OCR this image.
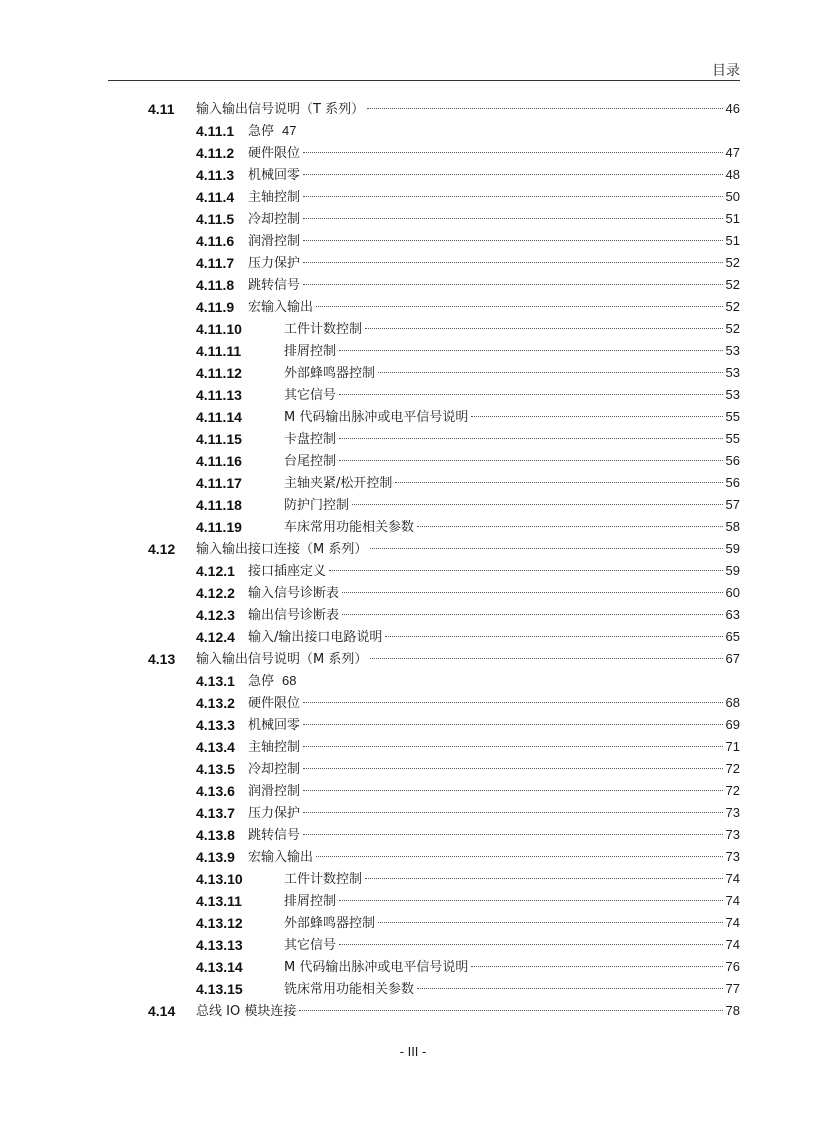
目录
4.11 输入输出信号说明（T 系列）	46
4.11.1 急停 47
4.11.2 硬件限位	47
4.11.3 机械回零	48
4.11.4 主轴控制	50
4.11.5 冷却控制	51
4.11.6 润滑控制	51
4.11.7 压力保护	52
4.11.8 跳转信号	52
4.11.9 宏输入输出	52
4.11.10	工件计数控制	52
4.11.11	排屑控制	53
4.11.12	外部蜂鸣器控制	53
4.11.13	其它信号	53
4.11.14	M 代码输出脉冲或电平信号说明	55
4.11.15	卡盘控制	55
4.11.16	台尾控制	56
4.11.17	主轴夹紧/松开控制	56
4.11.18	防护门控制	57
4.11.19	车床常用功能相关参数	58
4.12 输入输出接口连接（M 系列）	59
4.12.1 接口插座定义	59
4.12.2 输入信号诊断表	60
4.12.3 输出信号诊断表	63
4.12.4 输入/输出接口电路说明	65
4.13 输入输出信号说明（M 系列）	67
4.13.1 急停 68
4.13.2 硬件限位	68
4.13.3 机械回零	69
4.13.4 主轴控制	71
4.13.5 冷却控制	72
4.13.6 润滑控制	72
4.13.7 压力保护	73
4.13.8 跳转信号	73
4.13.9 宏输入输出	73
4.13.10	工件计数控制	74
4.13.11	排屑控制	74
4.13.12	外部蜂鸣器控制	74
4.13.13	其它信号	74
4.13.14	M 代码输出脉冲或电平信号说明	76
4.13.15	铣床常用功能相关参数	77
4.14 总线 IO 模块连接	78
- III -
